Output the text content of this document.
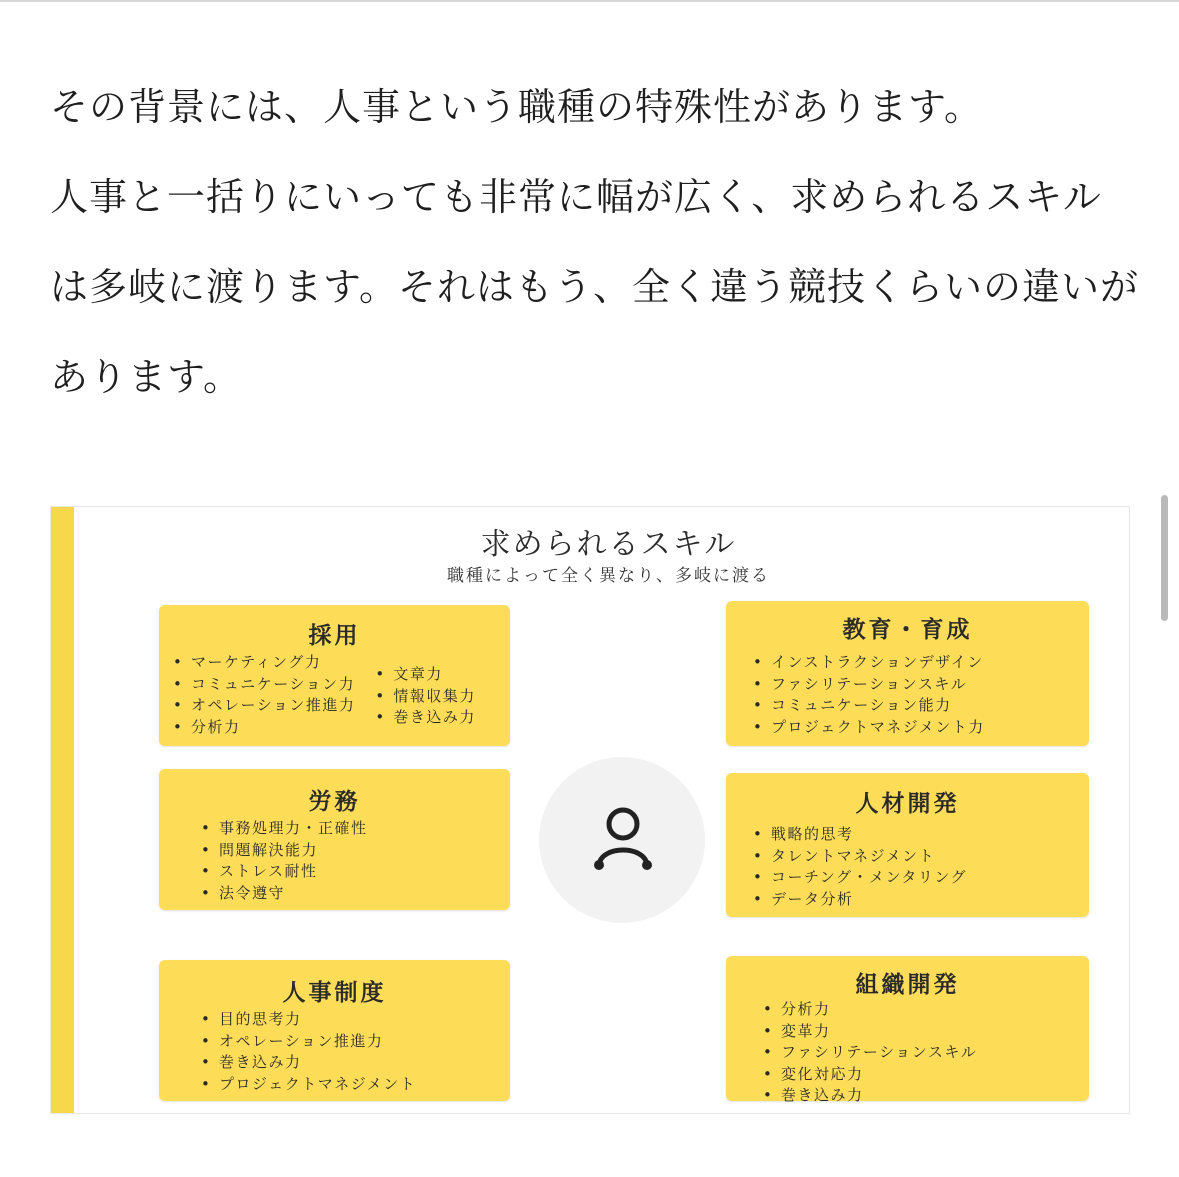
その背景には、人事という職種の特殊性があります。

人事と一括りにいっても非常に幅が広く、求められるスキルは多岐に渡ります。それはもう、全く違う競技くらいの違いがあります。

求められるスキル
職種によって全く異なり、多岐に渡る
採用
• マーケティング力
• コミュニケーション力
• オペレーション推進力
• 分析力
• 文章力
• 情報収集力
• 巻き込み力
労務
• 事務処理力・正確性
• 問題解決能力
• ストレス耐性
• 法令遵守
人事制度
• 目的思考力
• オペレーション推進力
• 巻き込み力
• プロジェクトマネジメント
教育・育成
• インストラクションデザイン
• ファシリテーションスキル
• コミュニケーション能力
• プロジェクトマネジメント力
人材開発
• 戦略的思考
• タレントマネジメント
• コーチング・メンタリング
• データ分析
組織開発
• 分析力
• 変革力
• ファシリテーションスキル
• 変化対応力
• 巻き込み力
